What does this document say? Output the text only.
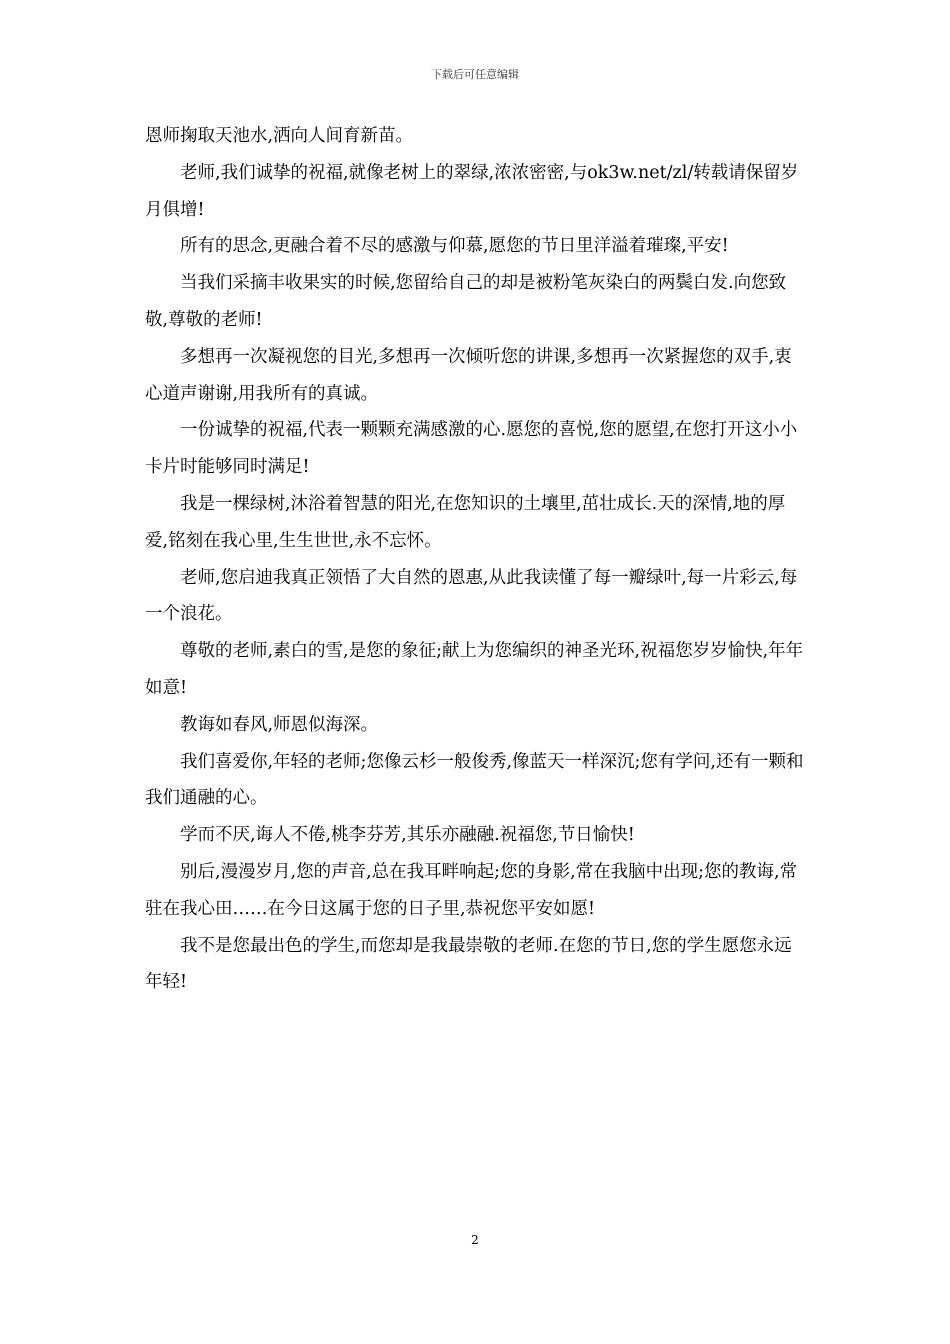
下载后可任意编辑

恩师掬取天池水,洒向人间育新苗。

老师,我们诚挚的祝福,就像老树上的翠绿,浓浓密密,与ok3w.net/zl/转载请保留岁月俱增!

所有的思念,更融合着不尽的感激与仰慕,愿您的节日里洋溢着璀璨,平安!

当我们采摘丰收果实的时候,您留给自己的却是被粉笔灰染白的两鬓白发.向您致敬,尊敬的老师!

多想再一次凝视您的目光,多想再一次倾听您的讲课,多想再一次紧握您的双手,衷心道声谢谢,用我所有的真诚。

一份诚挚的祝福,代表一颗颗充满感激的心.愿您的喜悦,您的愿望,在您打开这小小卡片时能够同时满足!

我是一棵绿树,沐浴着智慧的阳光,在您知识的土壤里,茁壮成长.天的深情,地的厚爱,铭刻在我心里,生生世世,永不忘怀。

老师,您启迪我真正领悟了大自然的恩惠,从此我读懂了每一瓣绿叶,每一片彩云,每一个浪花。

尊敬的老师,素白的雪,是您的象征;献上为您编织的神圣光环,祝福您岁岁愉快,年年如意!

教诲如春风,师恩似海深。

我们喜爱你,年轻的老师;您像云杉一般俊秀,像蓝天一样深沉;您有学问,还有一颗和我们通融的心。

学而不厌,诲人不倦,桃李芬芳,其乐亦融融.祝福您,节日愉快!

别后,漫漫岁月,您的声音,总在我耳畔响起;您的身影,常在我脑中出现;您的教诲,常驻在我心田……在今日这属于您的日子里,恭祝您平安如愿!

我不是您最出色的学生,而您却是我最崇敬的老师.在您的节日,您的学生愿您永远年轻!

2
